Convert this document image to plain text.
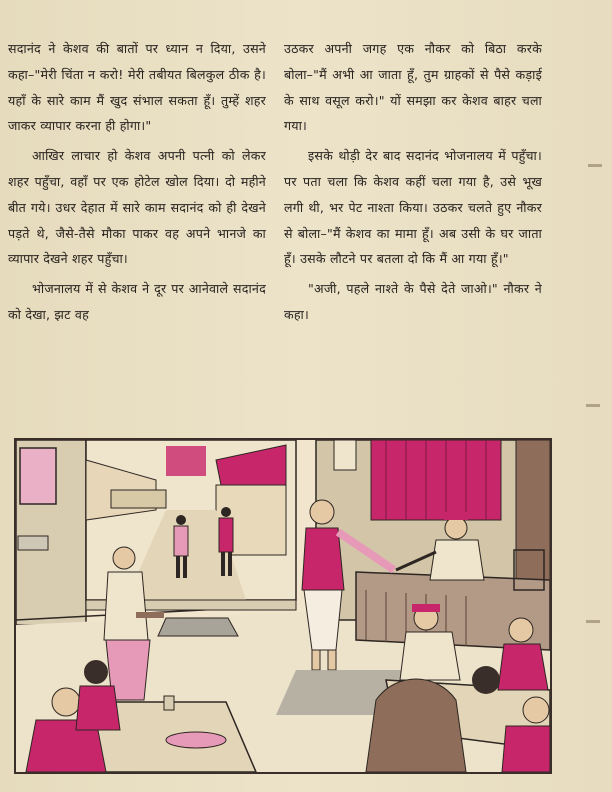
सदानंद ने केशव की बातों पर ध्यान न दिया, उसने कहा–"मेरी चिंता न करो! मेरी तबीयत बिलकुल ठीक है। यहाँ के सारे काम मैं खुद संभाल सकता हूँ। तुम्हें शहर जाकर व्यापार करना ही होगा।"

आखिर लाचार हो केशव अपनी पत्नी को लेकर शहर पहुँचा, वहाँ पर एक होटेल खोल दिया। दो महीने बीत गये। उधर देहात में सारे काम सदानंद को ही देखने पड़ते थे, जैसे-तैसे मौका पाकर वह अपने भानजे का व्यापार देखने शहर पहुँचा।

भोजनालय में से केशव ने दूर पर आनेवाले सदानंद को देखा, झट वह

उठकर अपनी जगह एक नौकर को बिठा करके बोला–"मैं अभी आ जाता हूँ, तुम ग्राहकों से पैसे कड़ाई के साथ वसूल करो।" यों समझा कर केशव बाहर चला गया।

इसके थोड़ी देर बाद सदानंद भोजनालय में पहुँचा। पर पता चला कि केशव कहीं चला गया है, उसे भूख लगी थी, भर पेट नाश्ता किया। उठकर चलते हुए नौकर से बोला–"मैं केशव का मामा हूँ। अब उसी के घर जाता हूँ। उसके लौटने पर बतला दो कि मैं आ गया हूँ।"

"अजी, पहले नाश्ते के पैसे देते जाओ।" नौकर ने कहा।
